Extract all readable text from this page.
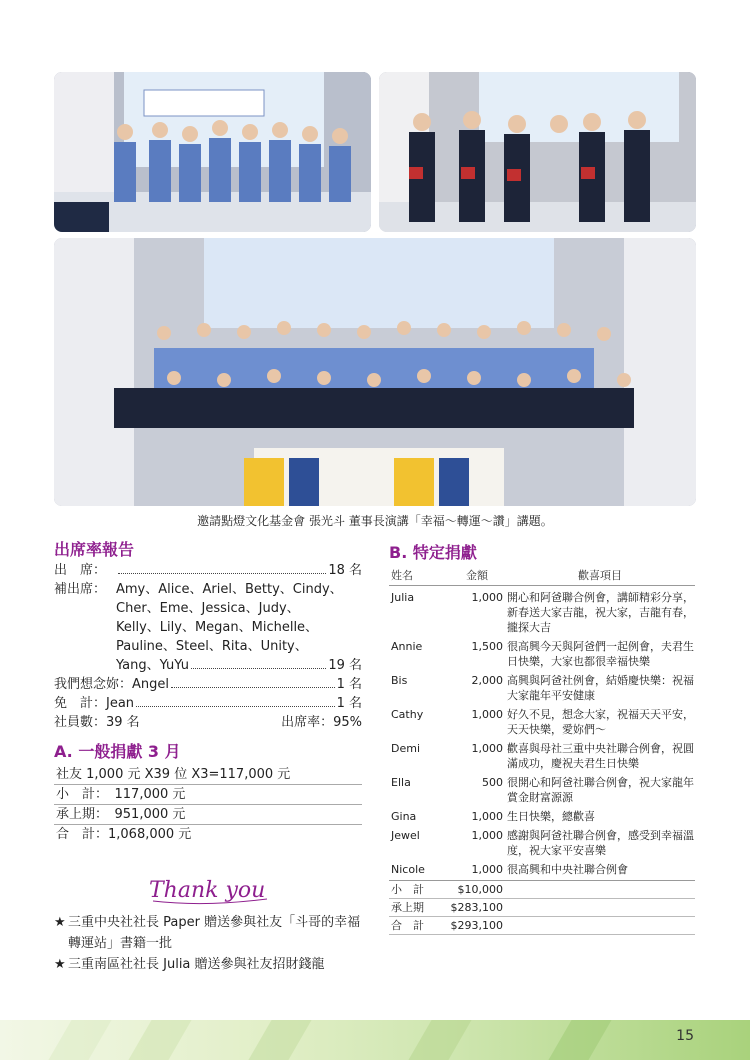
邀請點燈文化基金會 張光斗 董事長演講「幸福～轉運～讚」講題。
出席率報告
出　席：	18 名
補出席： Amy、Alice、Ariel、Betty、Cindy、
Cher、Eme、Jessica、Judy、
Kelly、Lily、Megan、Michelle、
Pauline、Steel、Rita、Unity、
Yang、YuYu	19 名
我們想念妳：Angel	1 名
免　計：Jean	1 名
社員數：39 名	出席率：95%
A. 一般捐獻 3 月
社友 1,000 元 X39 位 X3=117,000 元
小　計：　117,000 元
承上期：　951,000 元
合　計：1,068,000 元
Thank you
★ 三重中央社社長 Paper 贈送參與社友「斗哥的幸福轉運站」書籍一批
★ 三重南區社社長 Julia 贈送參與社友招財錢龍
B. 特定捐獻
姓名	金額	歡喜項目
Julia	1,000 開心和阿爸聯合例會，講師精彩分享，新春送大家吉龍，祝大家，吉龍有春，攏探大吉
Annie	1,500 很高興今天與阿爸們一起例會，夫君生日快樂，大家也都很幸福快樂
Bis	2,000 高興與阿爸社例會，結婚慶快樂：祝福大家龍年平安健康
Cathy	1,000 好久不見，想念大家，祝福天天平安，天天快樂，愛妳們～
Demi	1,000 歡喜與母社三重中央社聯合例會，祝圓滿成功，慶祝夫君生日快樂
Ella	500 很開心和阿爸社聯合例會，祝大家龍年賞金財富源源
Gina	1,000 生日快樂，總歡喜
Jewel	1,000 感謝與阿爸社聯合例會，感受到幸福溫度，祝大家平安喜樂
Nicole	1,000 很高興和中央社聯合例會
小　計	$10,000
承上期	$283,100
合　計	$293,100
15
